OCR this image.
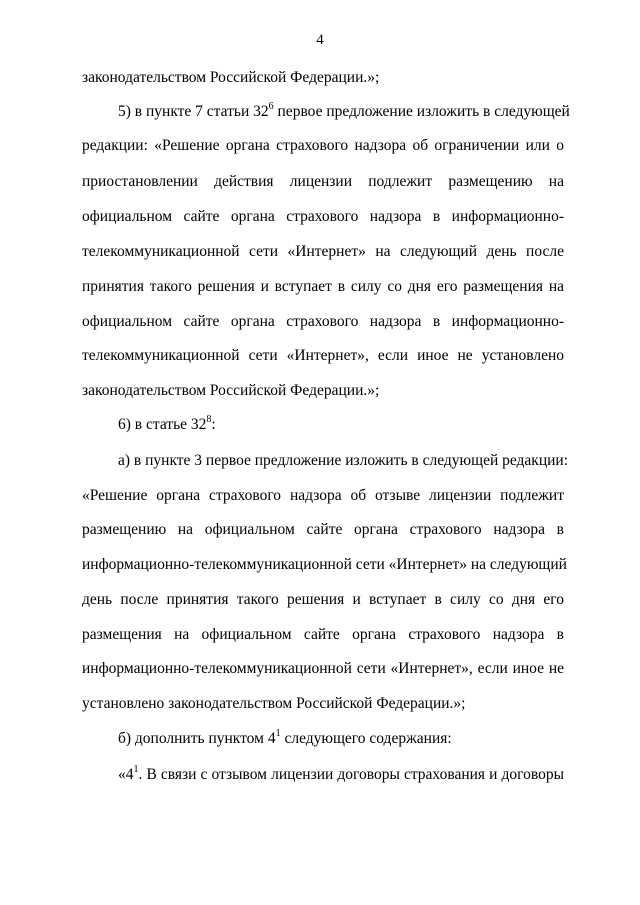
4
законодательством Российской Федерации.»;
5) в пункте 7 статьи $32^6$ первое предложение изложить в следующей
редакции: «Решение органа страхового надзора об ограничении или о
приостановлении действия лицензии подлежит размещению на
официальном сайте органа страхового надзора в информационно-
телекоммуникационной сети «Интернет» на следующий день после
принятия такого решения и вступает в силу со дня его размещения на
официальном сайте органа страхового надзора в информационно-
телекоммуникационной сети «Интернет», если иное не установлено
законодательством Российской Федерации.»;
6) в статье $32^8$:
а) в пункте 3 первое предложение изложить в следующей редакции:
«Решение органа страхового надзора об отзыве лицензии подлежит
размещению на официальном сайте органа страхового надзора в
информационно-телекоммуникационной сети «Интернет» на следующий
день после принятия такого решения и вступает в силу со дня его
размещения на официальном сайте органа страхового надзора в
информационно-телекоммуникационной сети «Интернет», если иное не
установлено законодательством Российской Федерации.»;
б) дополнить пунктом $4^1$ следующего содержания:
«$4^1$. В связи с отзывом лицензии договоры страхования и договоры
